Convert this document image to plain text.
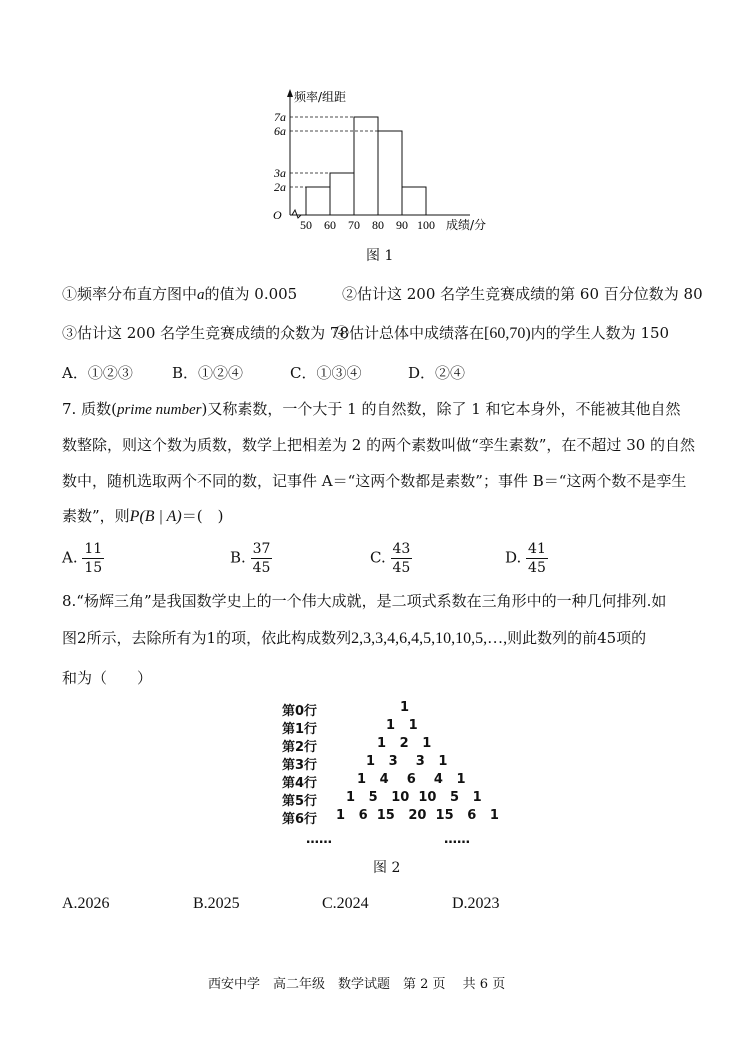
频率/组距
O
50 60 70 80 90 100 成绩/分
7a
6a
3a
2a
图 1
①频率分布直方图中a的值为 0.005	②估计这 200 名学生竞赛成绩的第 60 百分位数为 80
③估计这 200 名学生竞赛成绩的众数为 78
④估计总体中成绩落在[60,70)内的学生人数为 150
A．①②③	B．①②④	C．①③④	D．②④
7. 质数(prime number)又称素数，一个大于 1 的自然数，除了 1 和它本身外，不能被其他自然
数整除，则这个数为质数，数学上把相差为 2 的两个素数叫做“孪生素数”，在不超过 30 的自然
数中，随机选取两个不同的数，记事件 A＝“这两个数都是素数”；事件 B＝“这两个数不是孪生
素数”，则P(B | A)＝(　)
A. $\frac{11}{15}$	B. $\frac{37}{45}$	C. $\frac{43}{45}$	D. $\frac{41}{45}$
8.“杨辉三角”是我国数学史上的一个伟大成就，是二项式系数在三角形中的一种几何排列.如
图2所示，去除所有为1的项，依此构成数列2,3,3,4,6,4,5,10,10,5,…,则此数列的前45项的
和为（　　）
第0行	1
第1行	1   1
第2行	1   2   1
第3行	1   3    3   1
第4行	1   4    6    4   1
第5行 1   5   10  10   5   1
第6行 1   6  15   20  15   6   1
……	……
图 2
A.2026	B.2025	C.2024	D.2023
西安中学　高二年级　数学试题　第 2 页　 共 6 页
